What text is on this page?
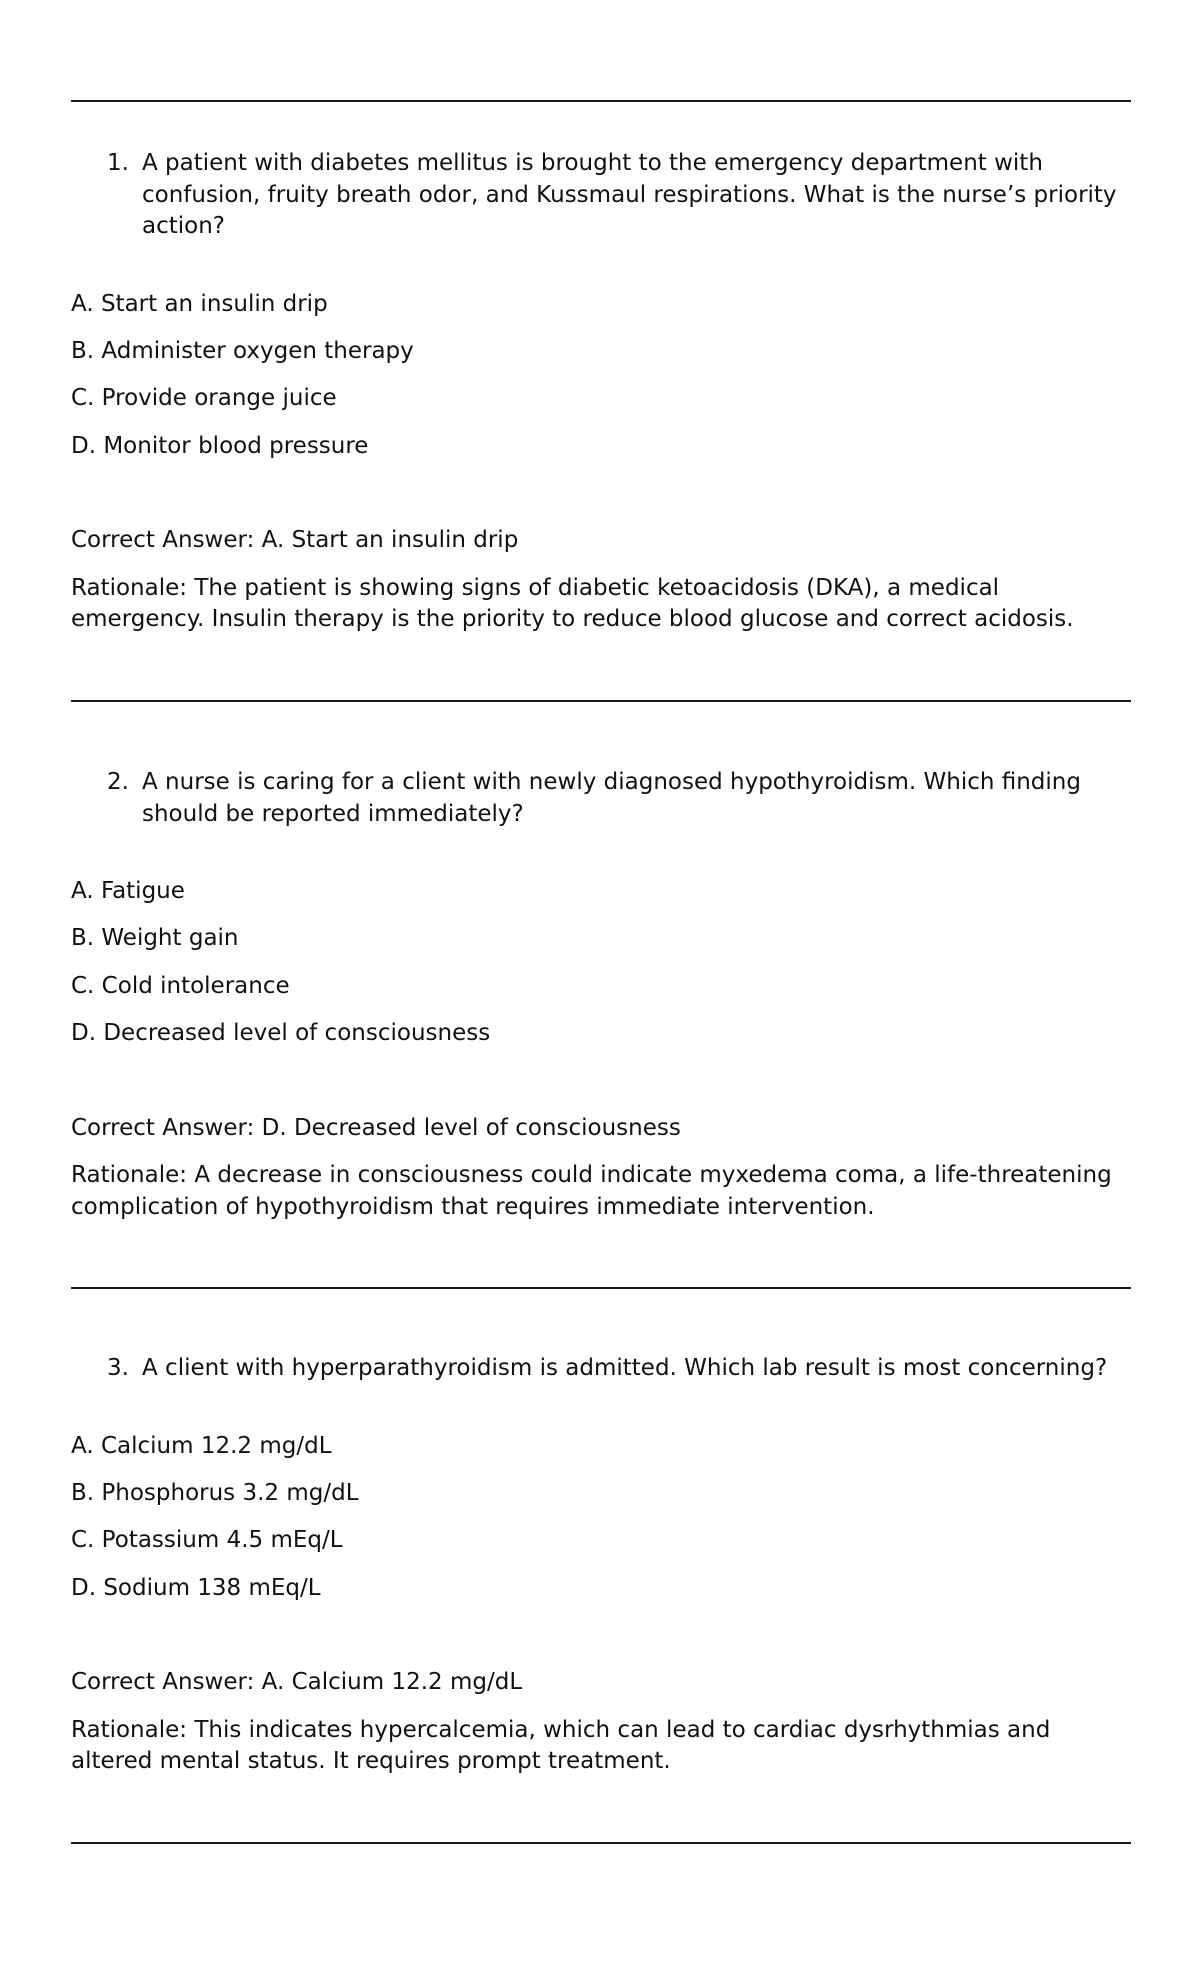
1. A patient with diabetes mellitus is brought to the emergency department with confusion, fruity breath odor, and Kussmaul respirations. What is the nurse’s priority action?
A. Start an insulin drip
B. Administer oxygen therapy
C. Provide orange juice
D. Monitor blood pressure
Correct Answer: A. Start an insulin drip
Rationale: The patient is showing signs of diabetic ketoacidosis (DKA), a medical emergency. Insulin therapy is the priority to reduce blood glucose and correct acidosis.
2. A nurse is caring for a client with newly diagnosed hypothyroidism. Which finding should be reported immediately?
A. Fatigue
B. Weight gain
C. Cold intolerance
D. Decreased level of consciousness
Correct Answer: D. Decreased level of consciousness
Rationale: A decrease in consciousness could indicate myxedema coma, a life-threatening complication of hypothyroidism that requires immediate intervention.
3. A client with hyperparathyroidism is admitted. Which lab result is most concerning?
A. Calcium 12.2 mg/dL
B. Phosphorus 3.2 mg/dL
C. Potassium 4.5 mEq/L
D. Sodium 138 mEq/L
Correct Answer: A. Calcium 12.2 mg/dL
Rationale: This indicates hypercalcemia, which can lead to cardiac dysrhythmias and altered mental status. It requires prompt treatment.
